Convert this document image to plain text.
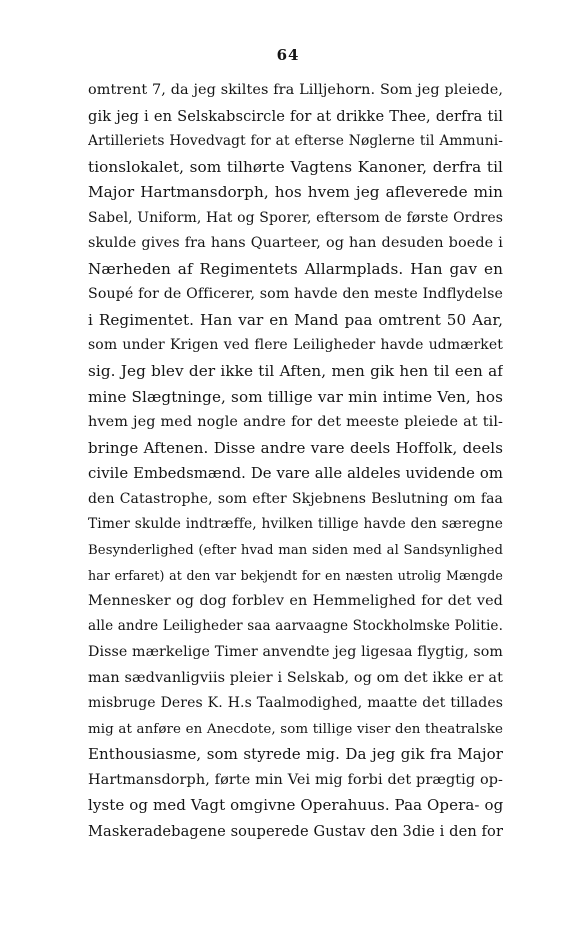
64
omtrent 7, da jeg skiltes fra Lilljehorn. Som jeg pleiede,
gik jeg i en Selskabscircle for at drikke Thee, derfra til
Artilleriets Hovedvagt for at efterse Nøglerne til Ammuni-
tionslokalet, som tilhørte Vagtens Kanoner, derfra til
Major Hartmansdorph, hos hvem jeg afleverede min
Sabel, Uniform, Hat og Sporer, eftersom de første Ordres
skulde gives fra hans Quarteer, og han desuden boede i
Nærheden af Regimentets Allarmplads. Han gav en
Soupé for de Officerer, som havde den meste Indflydelse
i Regimentet. Han var en Mand paa omtrent 50 Aar,
som under Krigen ved flere Leiligheder havde udmærket
sig. Jeg blev der ikke til Aften, men gik hen til een af
mine Slægtninge, som tillige var min intime Ven, hos
hvem jeg med nogle andre for det meeste pleiede at til-
bringe Aftenen. Disse andre vare deels Hoffolk, deels
civile Embedsmænd. De vare alle aldeles uvidende om
den Catastrophe, som efter Skjebnens Beslutning om faa
Timer skulde indtræffe, hvilken tillige havde den særegne
Besynderlighed (efter hvad man siden med al Sandsynlighed
har erfaret) at den var bekjendt for en næsten utrolig Mængde
Mennesker og dog forblev en Hemmelighed for det ved
alle andre Leiligheder saa aarvaagne Stockholmske Politie.
Disse mærkelige Timer anvendte jeg ligesaa flygtig, som
man sædvanligviis pleier i Selskab, og om det ikke er at
misbruge Deres K. H.s Taalmodighed, maatte det tillades
mig at anføre en Anecdote, som tillige viser den theatralske
Enthousiasme, som styrede mig. Da jeg gik fra Major
Hartmansdorph, førte min Vei mig forbi det prægtig op-
lyste og med Vagt omgivne Operahuus. Paa Opera- og
Maskeradebagene souperede Gustav den 3die i den for
